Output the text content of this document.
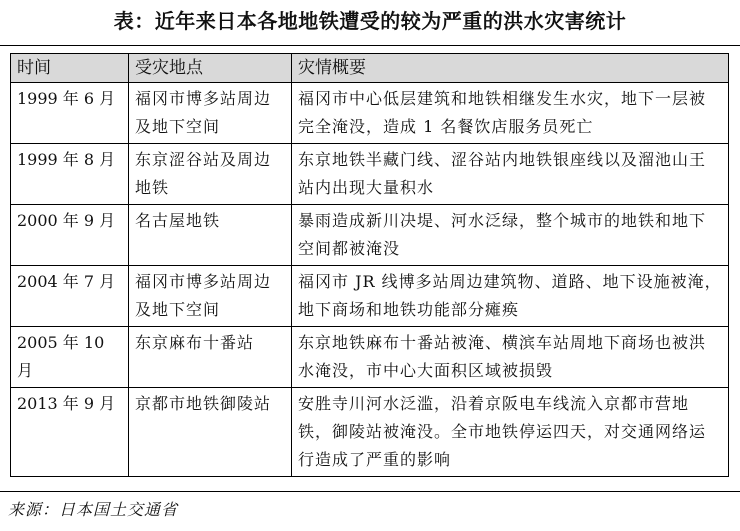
表：近年来日本各地地铁遭受的较为严重的洪水灾害统计
时间	受灾地点	灾情概要
1999 年 6 月	福冈市博多站周边及地下空间	福冈市中心低层建筑和地铁相继发生水灾，地下一层被完全淹没，造成 1 名餐饮店服务员死亡
1999 年 8 月	东京涩谷站及周边地铁	东京地铁半藏门线、涩谷站内地铁银座线以及溜池山王站内出现大量积水
2000 年 9 月	名古屋地铁	暴雨造成新川决堤、河水泛绿，整个城市的地铁和地下空间都被淹没
2004 年 7 月	福冈市博多站周边及地下空间	福冈市 JR 线博多站周边建筑物、道路、地下设施被淹，地下商场和地铁功能部分瘫痪
2005 年 10 月	东京麻布十番站	东京地铁麻布十番站被淹、横滨车站周地下商场也被洪水淹没，市中心大面积区域被损毁
2013 年 9 月	京都市地铁御陵站	安胜寺川河水泛滥，沿着京阪电车线流入京都市营地铁，御陵站被淹没。全市地铁停运四天，对交通网络运行造成了严重的影响
来源：日本国土交通省
